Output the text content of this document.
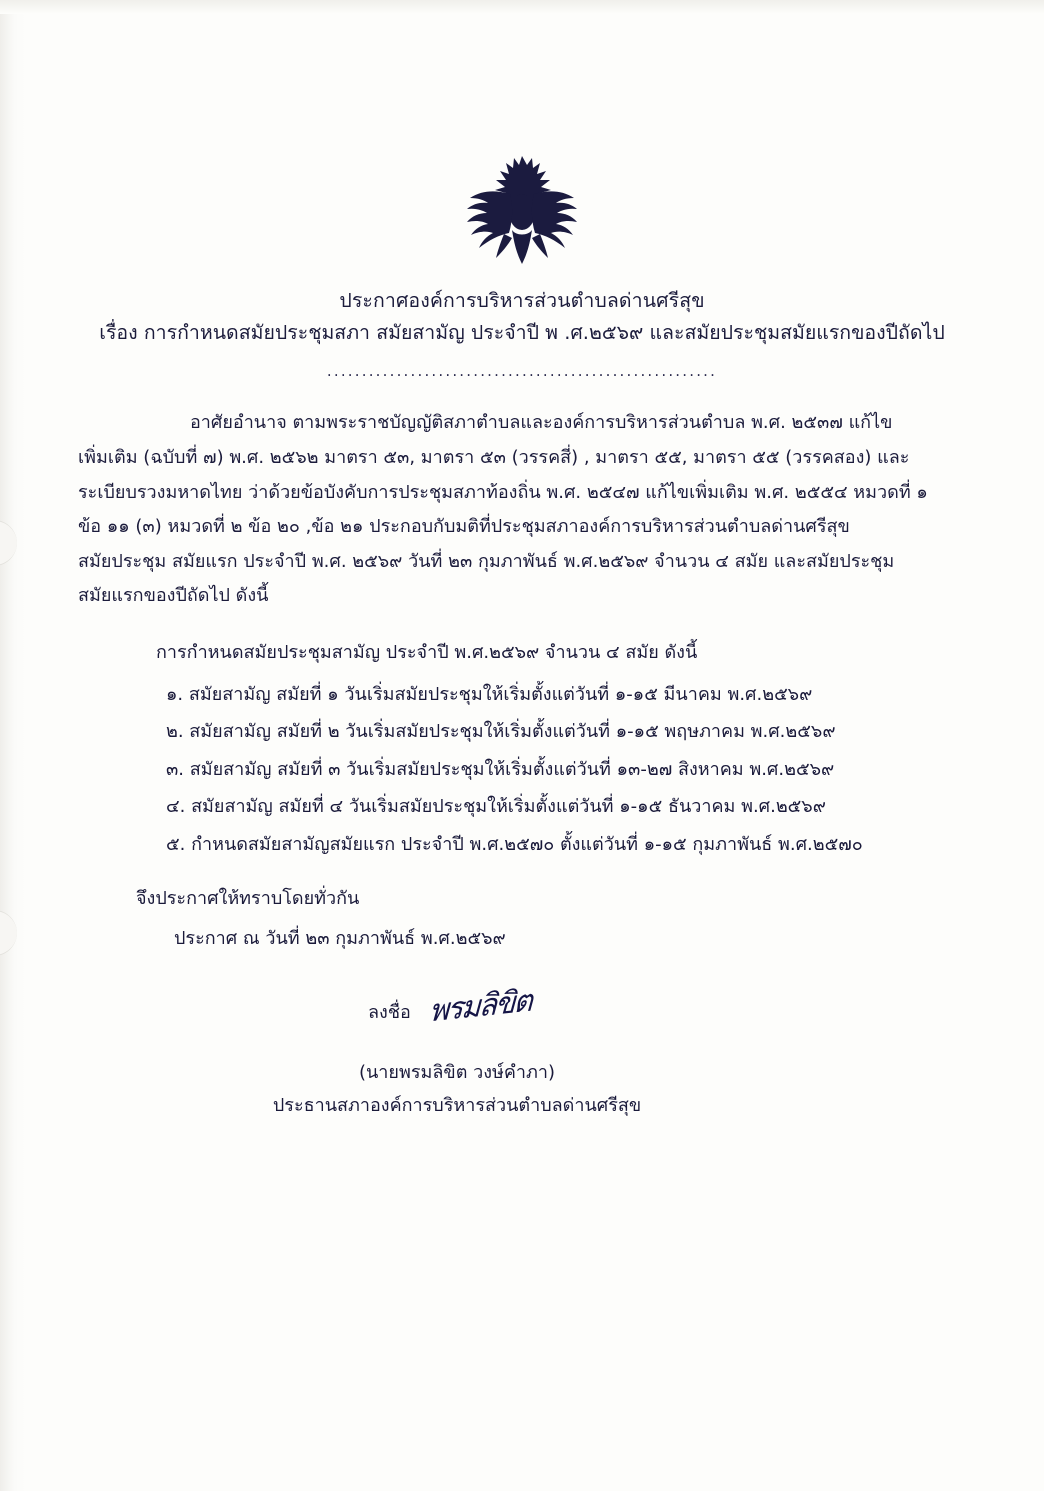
ประกาศองค์การบริหารส่วนตำบลด่านศรีสุข
เรื่อง การกำหนดสมัยประชุมสภา สมัยสามัญ ประจำปี พ .ศ.๒๕๖๙ และสมัยประชุมสมัยแรกของปีถัดไป
........................................................

อาศัยอำนาจ ตามพระราชบัญญัติสภาตำบลและองค์การบริหารส่วนตำบล พ.ศ. ๒๕๓๗ แก้ไข

เพิ่มเติม (ฉบับที่ ๗) พ.ศ. ๒๕๖๒ มาตรา ๕๓, มาตรา ๕๓ (วรรคสี่) , มาตรา ๕๕, มาตรา ๕๕ (วรรคสอง) และ

ระเบียบรวงมหาดไทย ว่าด้วยข้อบังคับการประชุมสภาท้องถิ่น พ.ศ. ๒๕๔๗ แก้ไขเพิ่มเติม พ.ศ. ๒๕๕๔ หมวดที่ ๑

ข้อ ๑๑ (๓) หมวดที่ ๒ ข้อ ๒๐ ,ข้อ ๒๑ ประกอบกับมติที่ประชุมสภาองค์การบริหารส่วนตำบลด่านศรีสุข

สมัยประชุม สมัยแรก ประจำปี พ.ศ. ๒๕๖๙ วันที่ ๒๓ กุมภาพันธ์ พ.ศ.๒๕๖๙ จำนวน ๔ สมัย และสมัยประชุม

สมัยแรกของปีถัดไป ดังนี้

การกำหนดสมัยประชุมสามัญ ประจำปี พ.ศ.๒๕๖๙ จำนวน ๔ สมัย ดังนี้
๑. สมัยสามัญ สมัยที่ ๑ วันเริ่มสมัยประชุมให้เริ่มตั้งแต่วันที่ ๑-๑๕ มีนาคม พ.ศ.๒๕๖๙
๒. สมัยสามัญ สมัยที่ ๒ วันเริ่มสมัยประชุมให้เริ่มตั้งแต่วันที่ ๑-๑๕ พฤษภาคม พ.ศ.๒๕๖๙
๓. สมัยสามัญ สมัยที่ ๓ วันเริ่มสมัยประชุมให้เริ่มตั้งแต่วันที่ ๑๓-๒๗ สิงหาคม พ.ศ.๒๕๖๙
๔. สมัยสามัญ สมัยที่ ๔ วันเริ่มสมัยประชุมให้เริ่มตั้งแต่วันที่ ๑-๑๕ ธันวาคม พ.ศ.๒๕๖๙
๕. กำหนดสมัยสามัญสมัยแรก ประจำปี พ.ศ.๒๕๗๐ ตั้งแต่วันที่ ๑-๑๕ กุมภาพันธ์ พ.ศ.๒๕๗๐
จึงประกาศให้ทราบโดยทั่วกัน
ประกาศ ณ วันที่ ๒๓ กุมภาพันธ์ พ.ศ.๒๕๖๙
ลงชื่อ พรมลิขิต
(นายพรมลิขิต วงษ์คำภา)
ประธานสภาองค์การบริหารส่วนตำบลด่านศรีสุข
